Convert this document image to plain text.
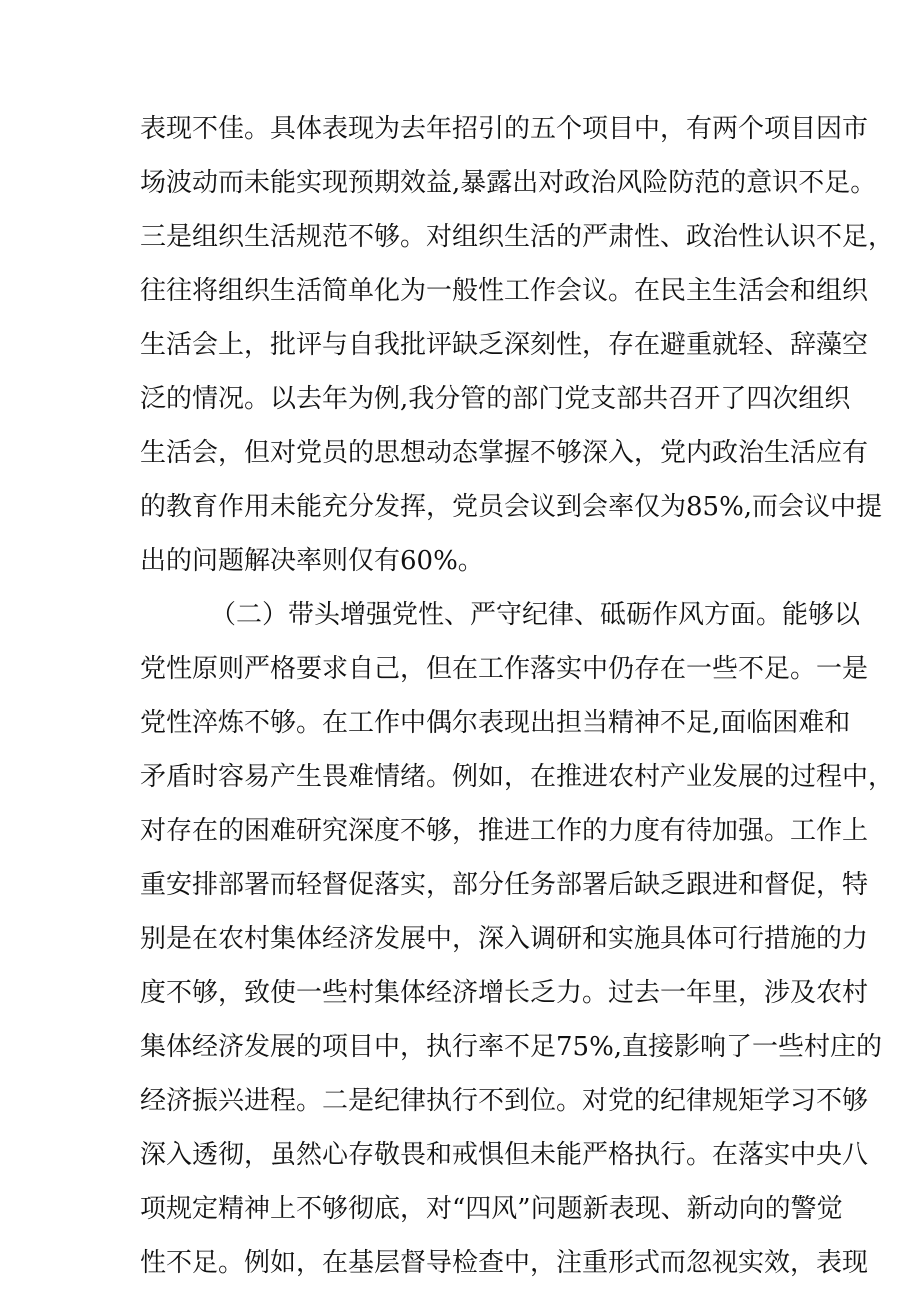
表现不佳。具体表现为去年招引的五个项目中，有两个项目因市
场波动而未能实现预期效益,暴露出对政治风险防范的意识不足。
三是组织生活规范不够。对组织生活的严肃性、政治性认识不足，
往往将组织生活简单化为一般性工作会议。在民主生活会和组织
生活会上，批评与自我批评缺乏深刻性，存在避重就轻、辞藻空
泛的情况。以去年为例,我分管的部门党支部共召开了四次组织
生活会，但对党员的思想动态掌握不够深入，党内政治生活应有
的教育作用未能充分发挥，党员会议到会率仅为85%,而会议中提
出的问题解决率则仅有60%。
（二）带头增强党性、严守纪律、砥砺作风方面。能够以
党性原则严格要求自己，但在工作落实中仍存在一些不足。一是
党性淬炼不够。在工作中偶尔表现出担当精神不足,面临困难和
矛盾时容易产生畏难情绪。例如，在推进农村产业发展的过程中，
对存在的困难研究深度不够，推进工作的力度有待加强。工作上
重安排部署而轻督促落实，部分任务部署后缺乏跟进和督促，特
别是在农村集体经济发展中，深入调研和实施具体可行措施的力
度不够，致使一些村集体经济增长乏力。过去一年里，涉及农村
集体经济发展的项目中，执行率不足75%,直接影响了一些村庄的
经济振兴进程。二是纪律执行不到位。对党的纪律规矩学习不够
深入透彻，虽然心存敬畏和戒惧但未能严格执行。在落实中央八
项规定精神上不够彻底，对“四风”问题新表现、新动向的警觉
性不足。例如，在基层督导检查中，注重形式而忽视实效，表现
